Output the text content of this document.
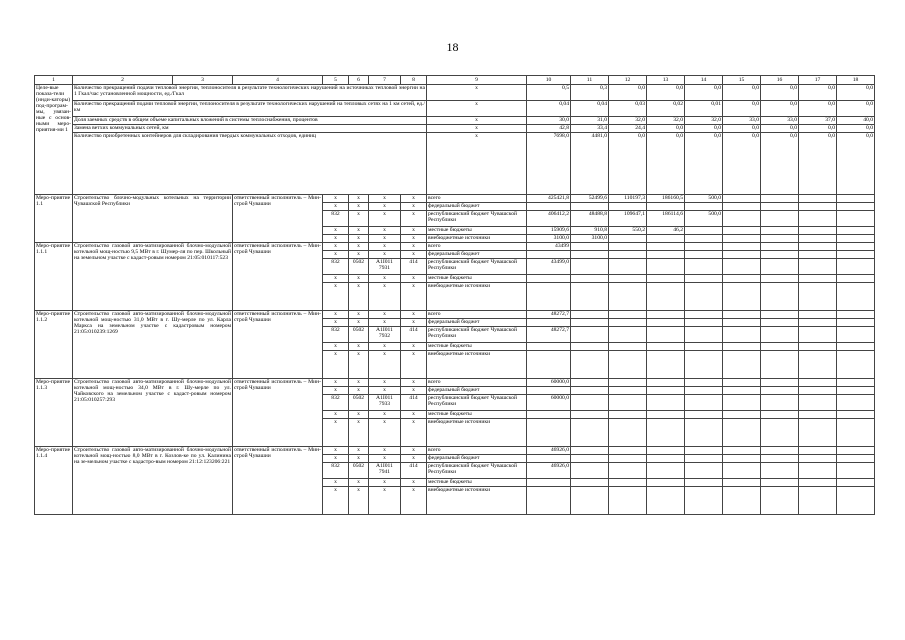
18
1	2	3	4	5	6	7	8	9	10	11	12	13	14	15	16	17	18
Целе-вые показа-тели (инди-каторы) под-програм-мы, увязан-ные с основ-ными меро-приятия-ми 1	Количество прекращений подачи тепловой энергии, теплоносителя в результате технологических нарушений на источниках тепловой энергии на 1 Гкал/час установленной мощности, ед./Гкал							x	0,5	0,3	0,0	0,0	0,0	0,0	0,0	0,0	0,0
	Количество прекращений подачи тепловой энергии, теплоносителя в результате технологических нарушений на тепловых сетях на 1 км сетей, ед./км							x	0,04	0,04	0,03	0,02	0,01	0,0	0,0	0,0	0,0
	Доля заемных средств в общем объеме капитальных вложений в системы теплоснабжения, процентов							x	30,0	31,0	32,0	32,0	32,0	33,0	33,0	37,0	40,0
	Замена ветхих коммунальных сетей, км							x	42,8	33,4	24,4	0,0	0,0	0,0	0,0	0,0	0,0
	Количество приобретенных контейнеров для складирования твердых коммунальных отходов, единиц							x	7698,0	4481,0	0,0	0,0	0,0	0,0	0,0	0,0	0,0
Меро-приятие 1.1	Строительство блочно-модульных котельных на территории Чувашской Республики		ответственный исполнитель – Мин-строй Чувашии	x	x	x	x	всего	425421,8	52499,6	110197,3	186160,5	500,0				
				x	x	x	x	федеральный бюджет									
				832	x	x	x	республиканский бюджет Чувашской Республики	406412,2	48488,8	109647,1	186114,6	500,0				
				x	x	x	x	местные бюджеты	15909,6	910,8	550,2	46,2					
				x	x	x	x	внебюджетные источники	3100,0	3100,0							
Меро-приятие 1.1.1	Строительство газовой авто-матизированной блочно-модульной котельной мощ-ностью 9,5 МВт в г. Шумер-ля по пер. Школьный на земельном участке с кадаст-ровым номером 21:05:010117:523		ответственный исполнитель – Мин-строй Чувашии	x	x	x	x	всего	43499								
				x	x	x	x	федеральный бюджет									
				832	0502	A1I011 7931	414	республиканский бюджет Чувашской Республики	43499,0								
				x	x	x	x	местные бюджеты									
				x	x	x	x	внебюджетные источники									
Меро-приятие 1.1.2	Строительство газовой авто-матизированной блочно-модульной котельной мощ-ностью 31,0 МВт в г. Шу-мерле по ул. Карла Маркса на земельном участке с кадастровым номером 21:05:010239:1269		ответственный исполнитель – Мин-строй Чувашии	x	x	x	x	всего	48272,7								
				x	x	x	x	федеральный бюджет									
				832	0502	A1I011 7932	414	республиканский бюджет Чувашской Республики	48272,7								
				x	x	x	x	местные бюджеты									
				x	x	x	x	внебюджетные источники									
Меро-приятие 1.1.3	Строительство газовой авто-матизированной блочно-модульной котельной мощ-ностью 34,0 МВт в г. Шу-мерле по ул. Чайковского на земельном участке с кадаст-ровым номером 21:05:010257:293		ответственный исполнитель – Мин-строй Чувашии	x	x	x	x	всего	60000,0								
				x	x	x	x	федеральный бюджет									
				832	0502	A1I011 7933	414	республиканский бюджет Чувашской Республики	60000,0								
				x	x	x	x	местные бюджеты									
				x	x	x	x	внебюджетные источники									
Меро-приятие 1.1.4	Строительство газовой авто-матизированной блочно-модульной котельной мощ-ностью 8,0 МВт в г. Козлов-ке по ул. Калинина на зе-мельном участке с кадастро-вым номером 21:12:123206:221		ответственный исполнитель – Мин-строй Чувашии	x	x	x	x	всего	46926,0								
				x	x	x	x	федеральный бюджет									
				832	0502	A1I011 7941	414	республиканский бюджет Чувашской Республики	46926,0								
				x	x	x	x	местные бюджеты									
				x	x	x	x	внебюджетные источники									
